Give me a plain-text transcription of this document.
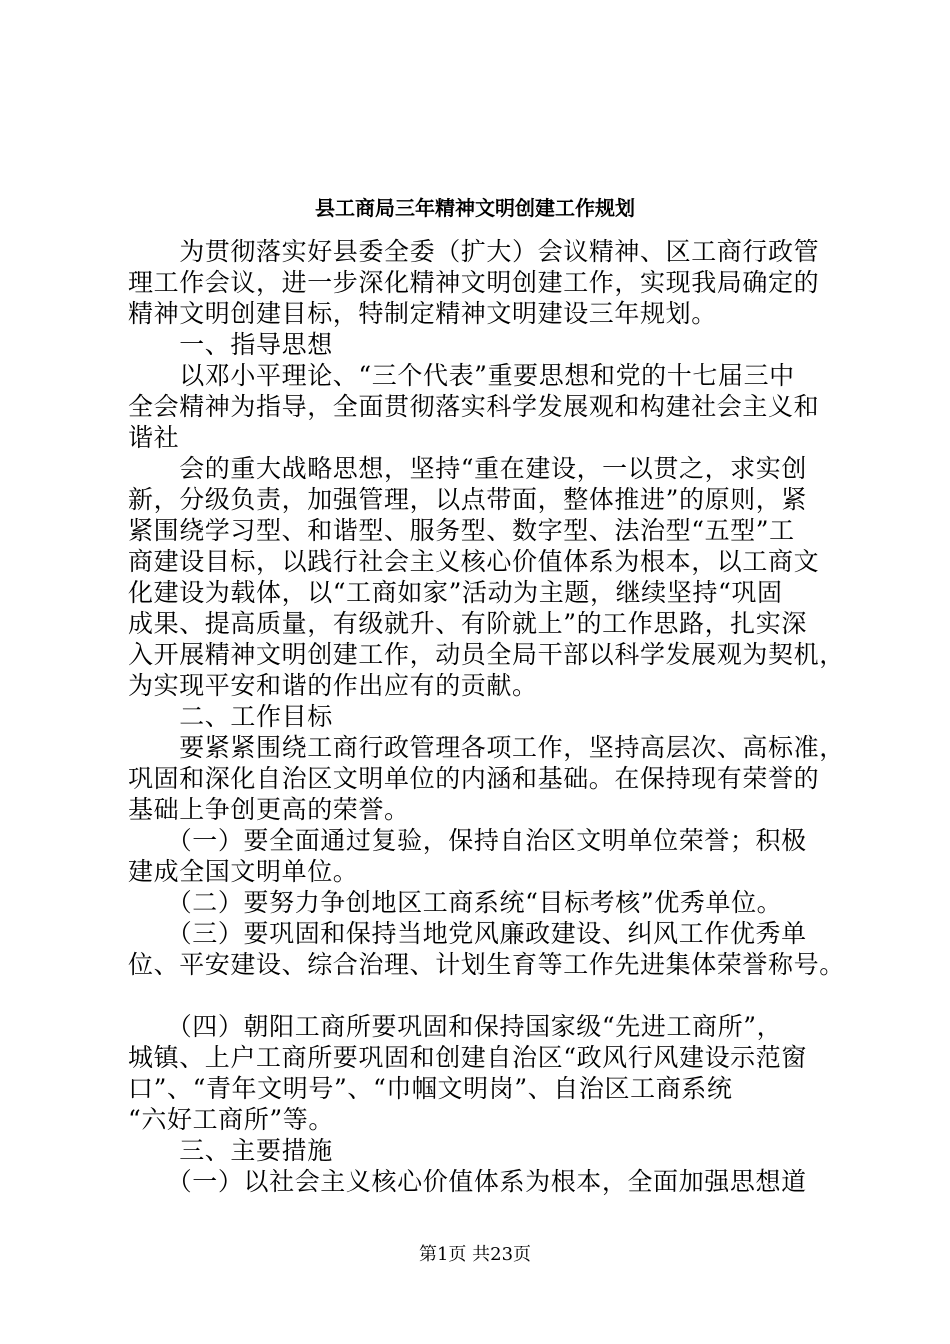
县工商局三年精神文明创建工作规划
　　为贯彻落实好县委全委（扩大）会议精神、区工商行政管
理工作会议，进一步深化精神文明创建工作，实现我局确定的
精神文明创建目标，特制定精神文明建设三年规划。
　　一、指导思想
　　以邓小平理论、“三个代表”重要思想和党的十七届三中
全会精神为指导，全面贯彻落实科学发展观和构建社会主义和
谐社
　　会的重大战略思想，坚持“重在建设，一以贯之，求实创
新，分级负责，加强管理，以点带面，整体推进”的原则，紧
紧围绕学习型、和谐型、服务型、数字型、法治型“五型”工
商建设目标，以践行社会主义核心价值体系为根本，以工商文
化建设为载体，以“工商如家”活动为主题，继续坚持“巩固
成果、提高质量，有级就升、有阶就上”的工作思路，扎实深
入开展精神文明创建工作，动员全局干部以科学发展观为契机，
为实现平安和谐的作出应有的贡献。
　　二、工作目标
　　要紧紧围绕工商行政管理各项工作，坚持高层次、高标准，
巩固和深化自治区文明单位的内涵和基础。在保持现有荣誉的
基础上争创更高的荣誉。
　　（一）要全面通过复验，保持自治区文明单位荣誉；积极
建成全国文明单位。
　　（二）要努力争创地区工商系统“目标考核”优秀单位。
　　（三）要巩固和保持当地党风廉政建设、纠风工作优秀单
位、平安建设、综合治理、计划生育等工作先进集体荣誉称号。
　　（四）朝阳工商所要巩固和保持国家级“先进工商所”，
城镇、上户工商所要巩固和创建自治区“政风行风建设示范窗
口”、“青年文明号”、“巾帼文明岗”、自治区工商系统
“六好工商所”等。
　　三、主要措施
　　（一）以社会主义核心价值体系为根本，全面加强思想道
第1页 共23页
